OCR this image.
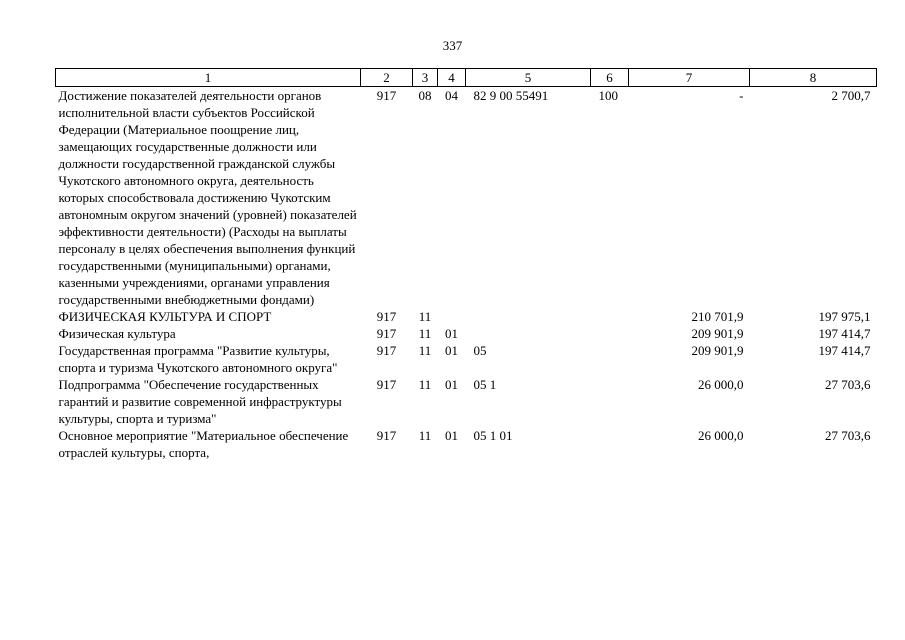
337
1	2	3	4	5	6	7	8
Достижение показателей деятельности органов исполнительной власти субъектов Российской Федерации (Материальное поощрение лиц, замещающих государственные должности или должности государственной гражданской службы Чукотского автономного округа, деятельность которых способствовала достижению Чукотским автономным округом значений (уровней) показателей эффективности деятельности) (Расходы на выплаты персоналу в целях обеспечения выполнения функций государственными (муниципальными) органами, казенными учреждениями, органами управления государственными внебюджетными фондами)	917	08	04	82 9 00 55491	100	-	2 700,7
ФИЗИЧЕСКАЯ КУЛЬТУРА И СПОРТ	917	11				210 701,9	197 975,1
Физическая культура	917	11	01			209 901,9	197 414,7
Государственная программа "Развитие культуры, спорта и туризма Чукотского автономного округа"	917	11	01	05		209 901,9	197 414,7
Подпрограмма "Обеспечение государственных гарантий и развитие современной инфраструктуры культуры, спорта и туризма"	917	11	01	05 1		26 000,0	27 703,6
Основное мероприятие "Материальное обеспечение отраслей культуры, спорта,	917	11	01	05 1 01		26 000,0	27 703,6
